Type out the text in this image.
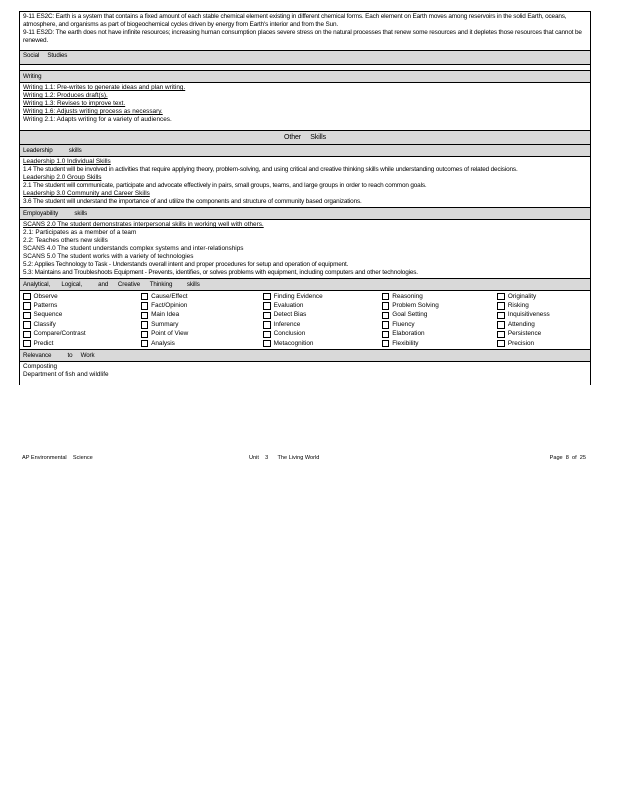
9-11 ES2C: Earth is a system that contains a fixed amount of each stable chemical element existing in different chemical forms. Each element on Earth moves among reservoirs in the solid Earth, oceans, atmosphere, and organisms as part of biogeochemical cycles driven by energy from Earth's interior and from the Sun.
9-11 ES2D: The earth does not have infinite resources; increasing human consumption places severe stress on the natural processes that renew some resources and it depletes those resources that cannot be renewed.
Social     Studies
Writing
Writing 1.1: Pre-writes to generate ideas and plan writing.
Writing 1.2: Produces draft(s).
Writing 1.3: Revises to improve text.
Writing 1.6: Adjusts writing process as necessary.
Writing 2.1: Adapts writing for a variety of audiences.
Other     Skills
Leadership          skills
Leadership 1.0 Individual Skills
1.4 The student will be involved in activities that require applying theory, problem-solving, and using critical and creative thinking skills while understanding outcomes of related decisions.
Leadership 2.0 Group Skills
2.1 The student will communicate, participate and advocate effectively in pairs, small groups, teams, and large groups in order to reach common goals.
Leadership 3.0 Community and Career Skills
3.6 The student will understand the importance of and utilize the components and structure of community based organizations.
Employability          skills
SCANS 2.0 The student demonstrates interpersonal skills in working well with others.
2.1: Participates as a member of a team
2.2: Teaches others new skills
SCANS 4.0 The student understands complex systems and inter-relationships
SCANS 5.0 The student works with a variety of technologies
5.2: Applies Technology to Task - Understands overall intent and proper procedures for setup and operation of equipment.
5.3: Maintains and Troubleshoots Equipment - Prevents, identifies, or solves problems with equipment, including computers and other technologies.
Analytical,       Logical,          and      Creative      Thinking         skills
Observe
Patterns
Sequence
Classify
Compare/Contrast
Predict
Cause/Effect
Fact/Opinion
Main Idea
Summary
Point of View
Analysis
Finding Evidence
Evaluation
Detect Bias
Inference
Conclusion
Metacognition
Reasoning
Problem Solving
Goal Setting
Fluency
Elaboration
Flexibility
Originality
Risking
Inquisitiveness
Attending
Persistence
Precision
Relevance          to     Work
Composting
Department of fish and wildlife
AP Environmental    Science	Unit    3      The Living World	Page  8  of  25
